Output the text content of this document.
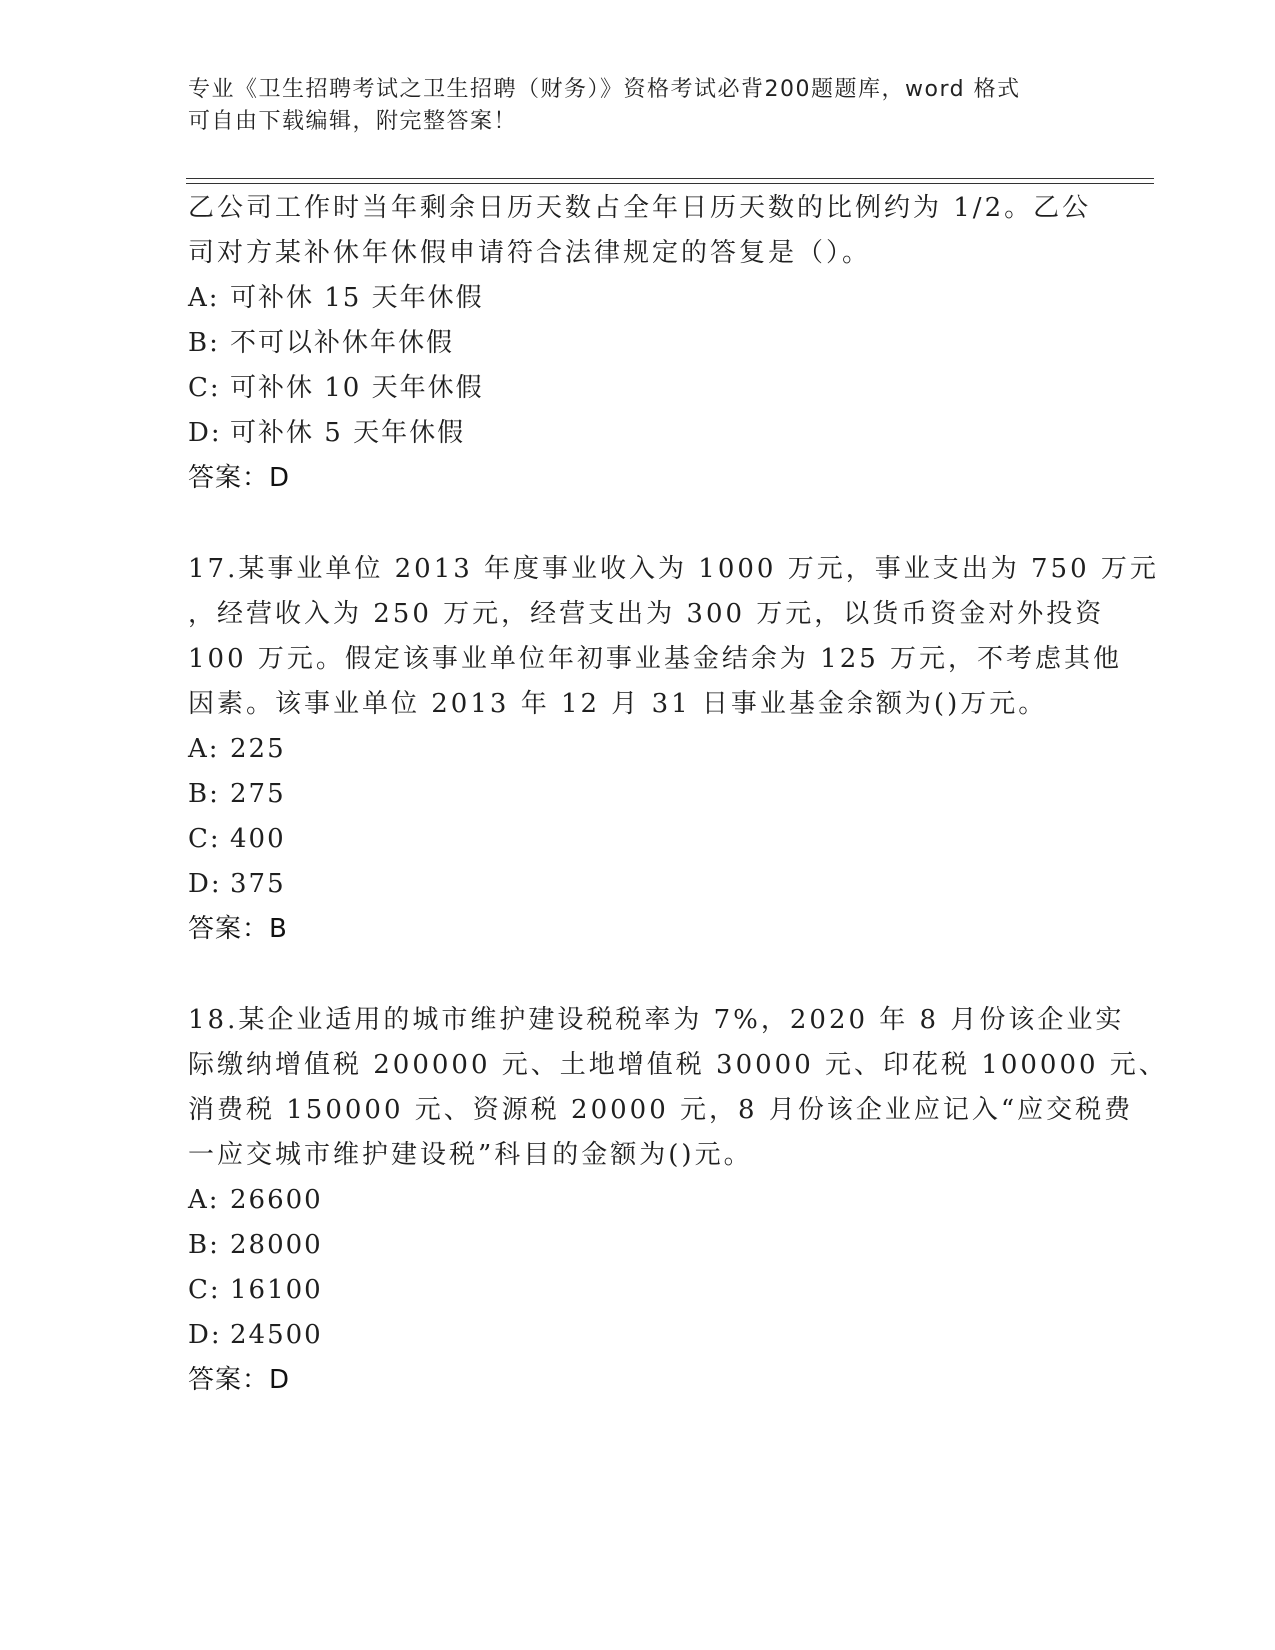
专业《卫生招聘考试之卫生招聘（财务）》资格考试必背200题题库，word 格式
可自由下载编辑，附完整答案！
乙公司工作时当年剩余日历天数占全年日历天数的比例约为 1/2。乙公
司对方某补休年休假申请符合法律规定的答复是（）。
A: 可补休 15 天年休假
B: 不可以补休年休假
C: 可补休 10 天年休假
D: 可补休 5 天年休假
答案：D
17.某事业单位 2013 年度事业收入为 1000 万元，事业支出为 750 万元
，经营收入为 250 万元，经营支出为 300 万元，以货币资金对外投资
100 万元。假定该事业单位年初事业基金结余为 125 万元，不考虑其他
因素。该事业单位 2013 年 12 月 31 日事业基金余额为()万元。
A: 225
B: 275
C: 400
D: 375
答案：B
18.某企业适用的城市维护建设税税率为 7%，2020 年 8 月份该企业实
际缴纳增值税 200000 元、土地增值税 30000 元、印花税 100000 元、
消费税 150000 元、资源税 20000 元，8 月份该企业应记入“应交税费
一应交城市维护建设税”科目的金额为()元。
A: 26600
B: 28000
C: 16100
D: 24500
答案：D
